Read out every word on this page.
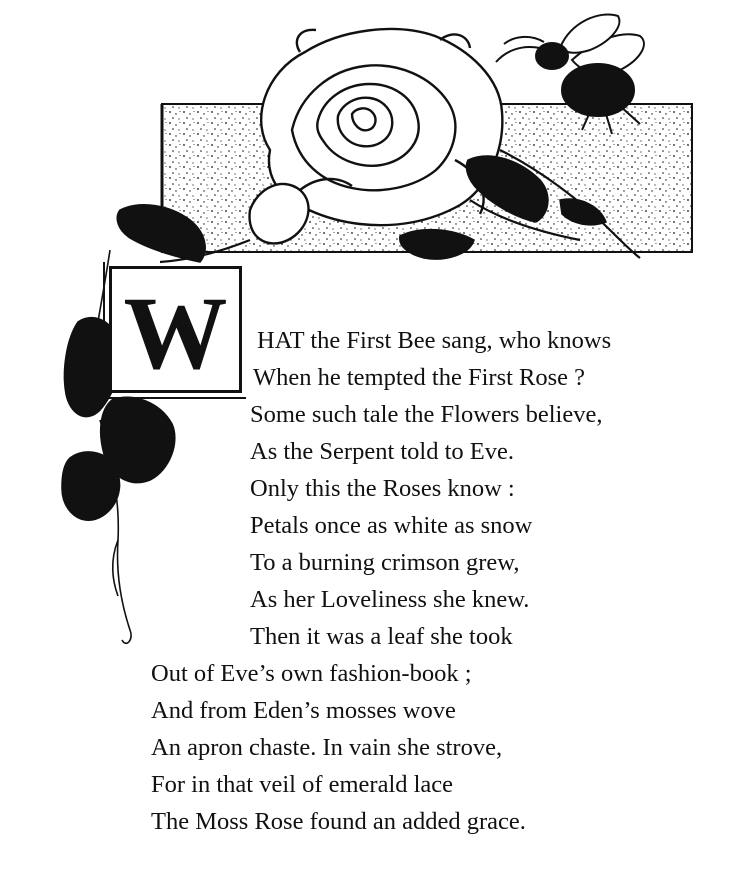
W HAT the First Bee sang, who knows
When he tempted the First Rose ?
Some such tale the Flowers believe,
As the Serpent told to Eve.
Only this the Roses know :
Petals once as white as snow
To a burning crimson grew,
As her Loveliness she knew.
Then it was a leaf she took
Out of Eve’s own fashion-book ;
And from Eden’s mosses wove
An apron chaste. In vain she strove,
For in that veil of emerald lace
The Moss Rose found an added grace.
